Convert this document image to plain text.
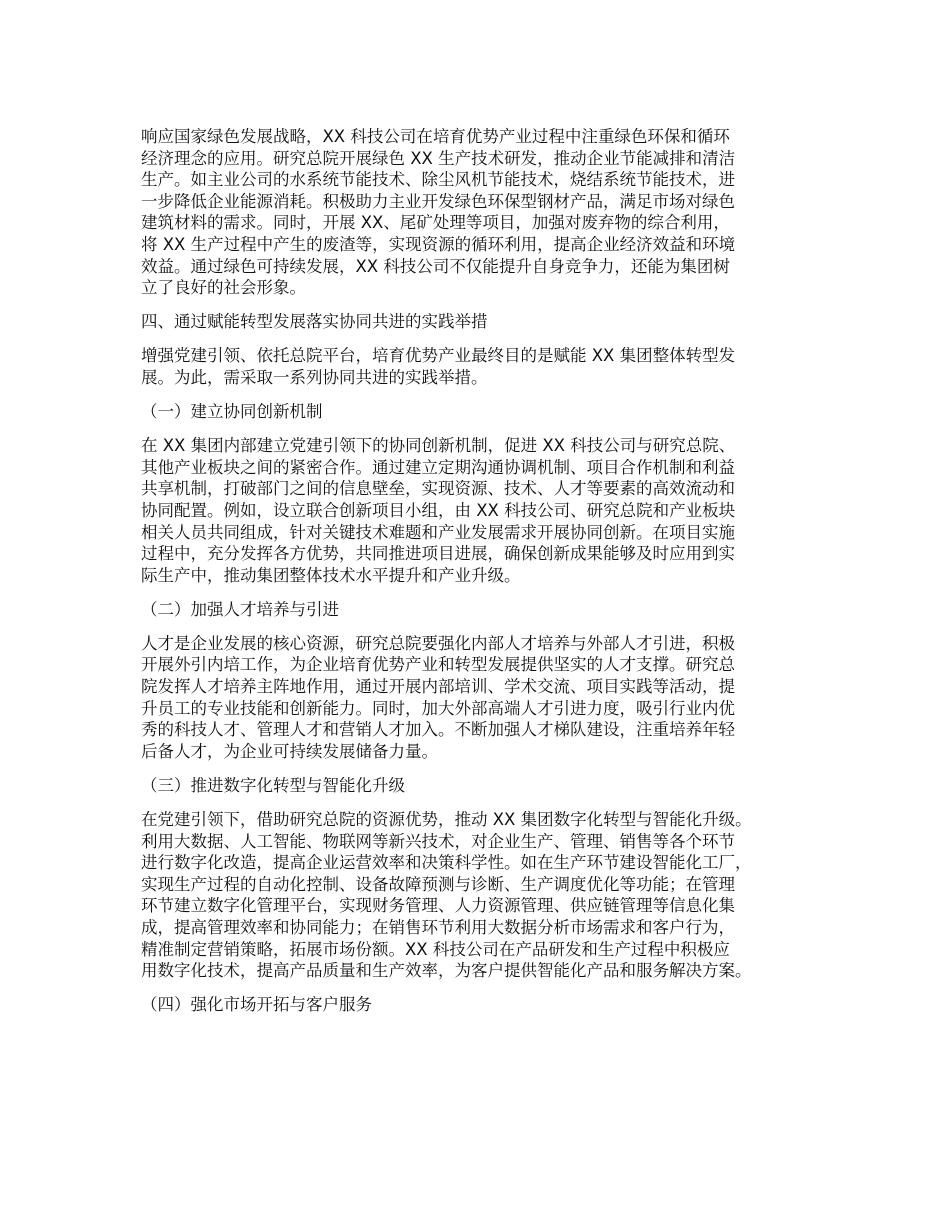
响应国家绿色发展战略，XX 科技公司在培育优势产业过程中注重绿色环保和循环
经济理念的应用。研究总院开展绿色 XX 生产技术研发，推动企业节能减排和清洁
生产。如主业公司的水系统节能技术、除尘风机节能技术，烧结系统节能技术，进
一步降低企业能源消耗。积极助力主业开发绿色环保型钢材产品，满足市场对绿色
建筑材料的需求。同时，开展 XX、尾矿处理等项目，加强对废弃物的综合利用，
将 XX 生产过程中产生的废渣等，实现资源的循环利用，提高企业经济效益和环境
效益。通过绿色可持续发展，XX 科技公司不仅能提升自身竞争力，还能为集团树
立了良好的社会形象。
四、通过赋能转型发展落实协同共进的实践举措
增强党建引领、依托总院平台，培育优势产业最终目的是赋能 XX 集团整体转型发
展。为此，需采取一系列协同共进的实践举措。
（一）建立协同创新机制
在 XX 集团内部建立党建引领下的协同创新机制，促进 XX 科技公司与研究总院、
其他产业板块之间的紧密合作。通过建立定期沟通协调机制、项目合作机制和利益
共享机制，打破部门之间的信息壁垒，实现资源、技术、人才等要素的高效流动和
协同配置。例如，设立联合创新项目小组，由 XX 科技公司、研究总院和产业板块
相关人员共同组成，针对关键技术难题和产业发展需求开展协同创新。在项目实施
过程中，充分发挥各方优势，共同推进项目进展，确保创新成果能够及时应用到实
际生产中，推动集团整体技术水平提升和产业升级。
（二）加强人才培养与引进
人才是企业发展的核心资源，研究总院要强化内部人才培养与外部人才引进，积极
开展外引内培工作，为企业培育优势产业和转型发展提供坚实的人才支撑。研究总
院发挥人才培养主阵地作用，通过开展内部培训、学术交流、项目实践等活动，提
升员工的专业技能和创新能力。同时，加大外部高端人才引进力度，吸引行业内优
秀的科技人才、管理人才和营销人才加入。不断加强人才梯队建设，注重培养年轻
后备人才，为企业可持续发展储备力量。
（三）推进数字化转型与智能化升级
在党建引领下，借助研究总院的资源优势，推动 XX 集团数字化转型与智能化升级。
利用大数据、人工智能、物联网等新兴技术，对企业生产、管理、销售等各个环节
进行数字化改造，提高企业运营效率和决策科学性。如在生产环节建设智能化工厂，
实现生产过程的自动化控制、设备故障预测与诊断、生产调度优化等功能；在管理
环节建立数字化管理平台，实现财务管理、人力资源管理、供应链管理等信息化集
成，提高管理效率和协同能力；在销售环节利用大数据分析市场需求和客户行为，
精准制定营销策略，拓展市场份额。XX 科技公司在产品研发和生产过程中积极应
用数字化技术，提高产品质量和生产效率，为客户提供智能化产品和服务解决方案。
（四）强化市场开拓与客户服务
